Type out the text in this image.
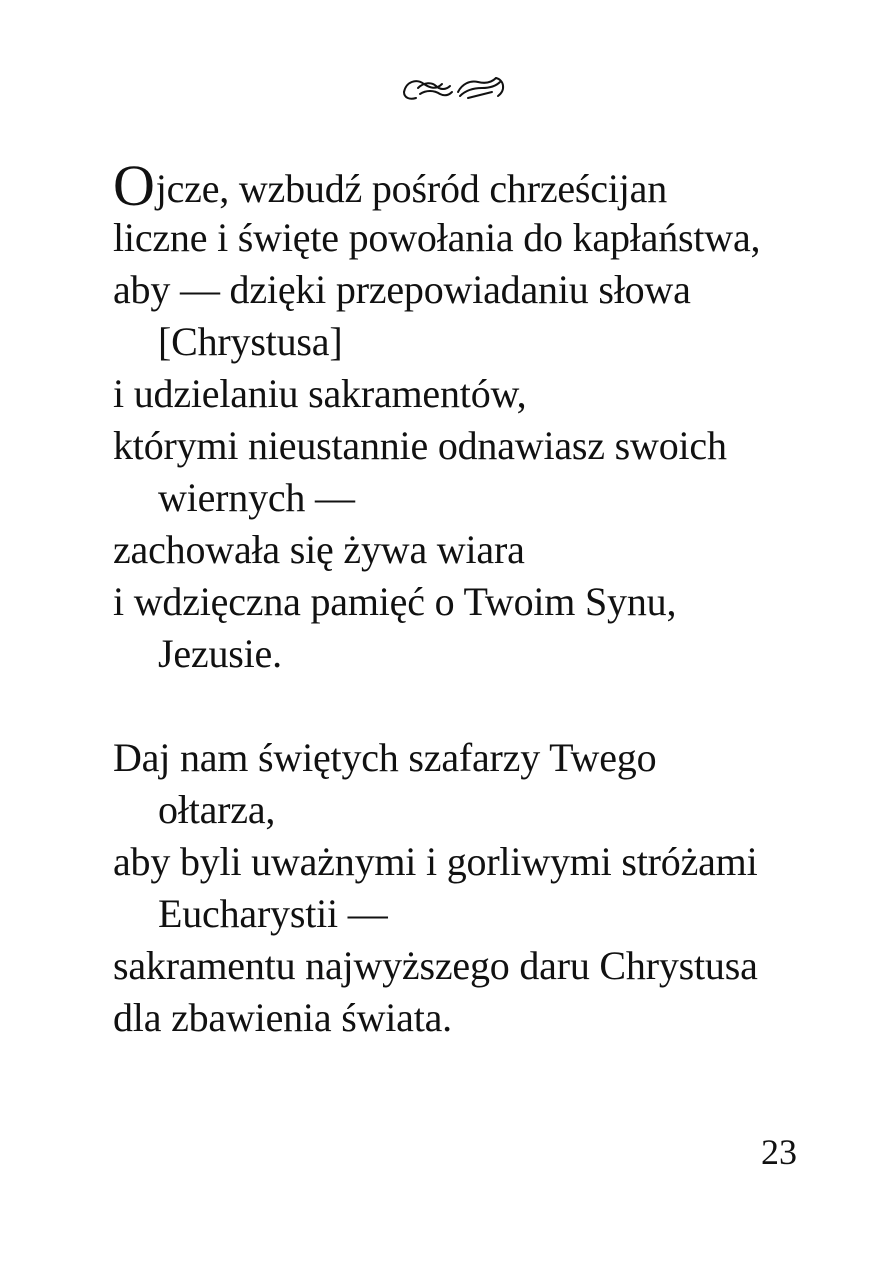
Ojcze, wzbudź pośród chrześcijan
liczne i święte powołania do kapłaństwa,
aby — dzięki przepowiadaniu słowa
[Chrystusa]
i udzielaniu sakramentów,
którymi nieustannie odnawiasz swoich
wiernych —
zachowała się żywa wiara
i wdzięczna pamięć o Twoim Synu,
Jezusie.
Daj nam świętych szafarzy Twego
ołtarza,
aby byli uważnymi i gorliwymi stróżami
Eucharystii —
sakramentu najwyższego daru Chrystusa
dla zbawienia świata.
23
